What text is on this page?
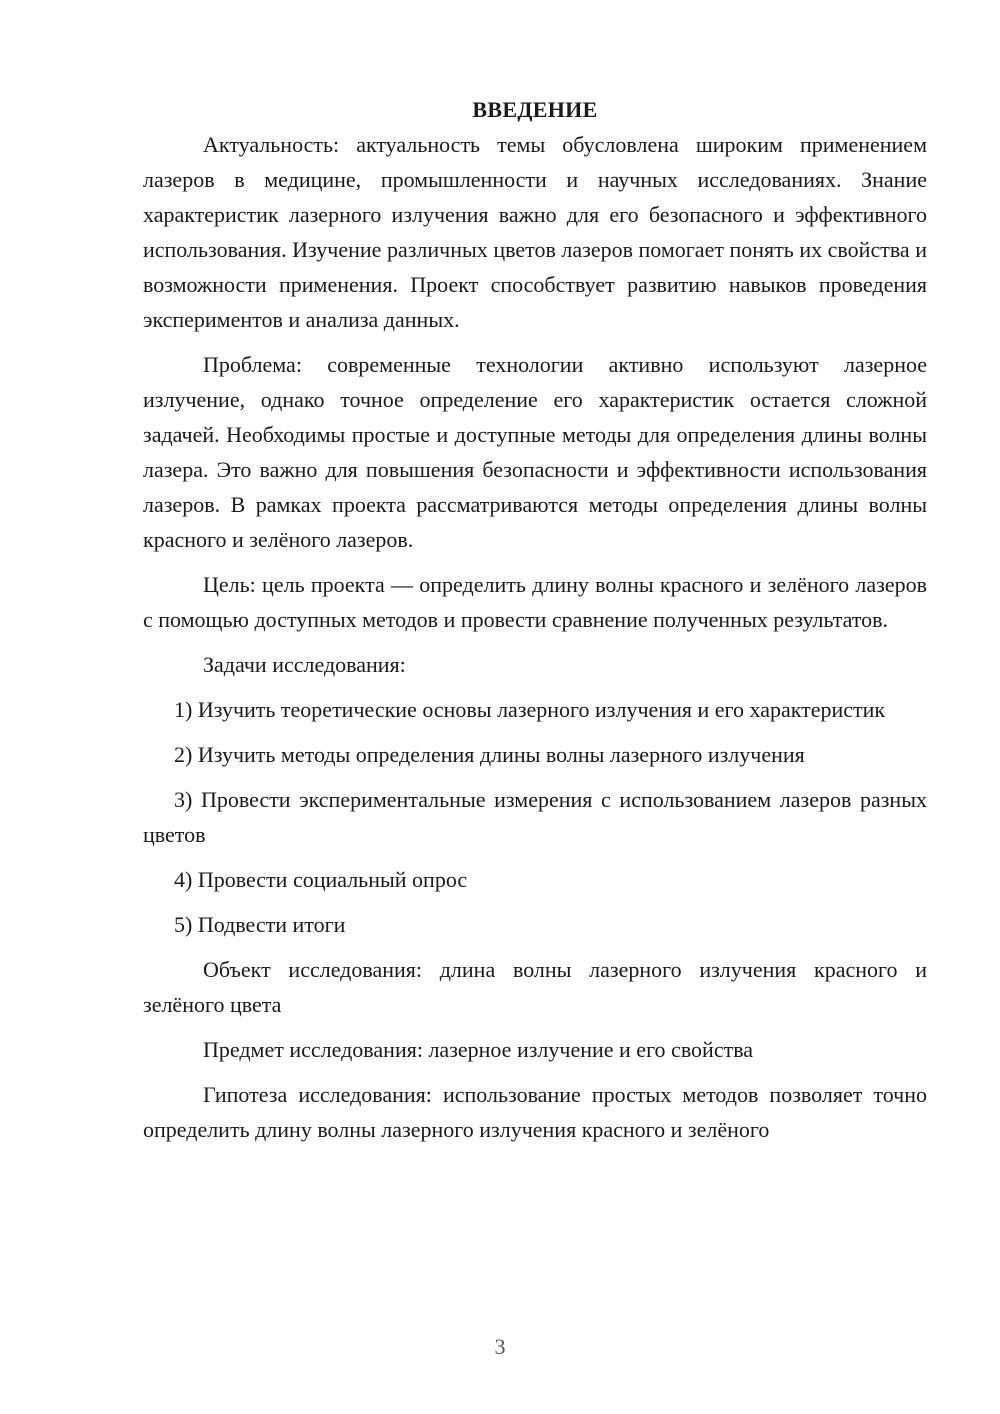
ВВЕДЕНИЕ

Актуальность: актуальность темы обусловлена широким применением лазеров в медицине, промышленности и научных исследованиях. Знание характеристик лазерного излучения важно для его безопасного и эффективного использования. Изучение различных цветов лазеров помогает понять их свойства и возможности применения. Проект способствует развитию навыков проведения экспериментов и анализа данных.

Проблема: современные технологии активно используют лазерное излучение, однако точное определение его характеристик остается сложной задачей. Необходимы простые и доступные методы для определения длины волны лазера. Это важно для повышения безопасности и эффективности использования лазеров. В рамках проекта рассматриваются методы определения длины волны красного и зелёного лазеров.

Цель: цель проекта — определить длину волны красного и зелёного лазеров с помощью доступных методов и провести сравнение полученных результатов.

Задачи исследования:

1) Изучить теоретические основы лазерного излучения и его характеристик

2) Изучить методы определения длины волны лазерного излучения

3) Провести экспериментальные измерения с использованием лазеров разных цветов

4) Провести социальный опрос

5) Подвести итоги

Объект исследования: длина волны лазерного излучения красного и зелёного цвета

Предмет исследования: лазерное излучение и его свойства

Гипотеза исследования: использование простых методов позволяет точно определить длину волны лазерного излучения красного и зелёного

3
